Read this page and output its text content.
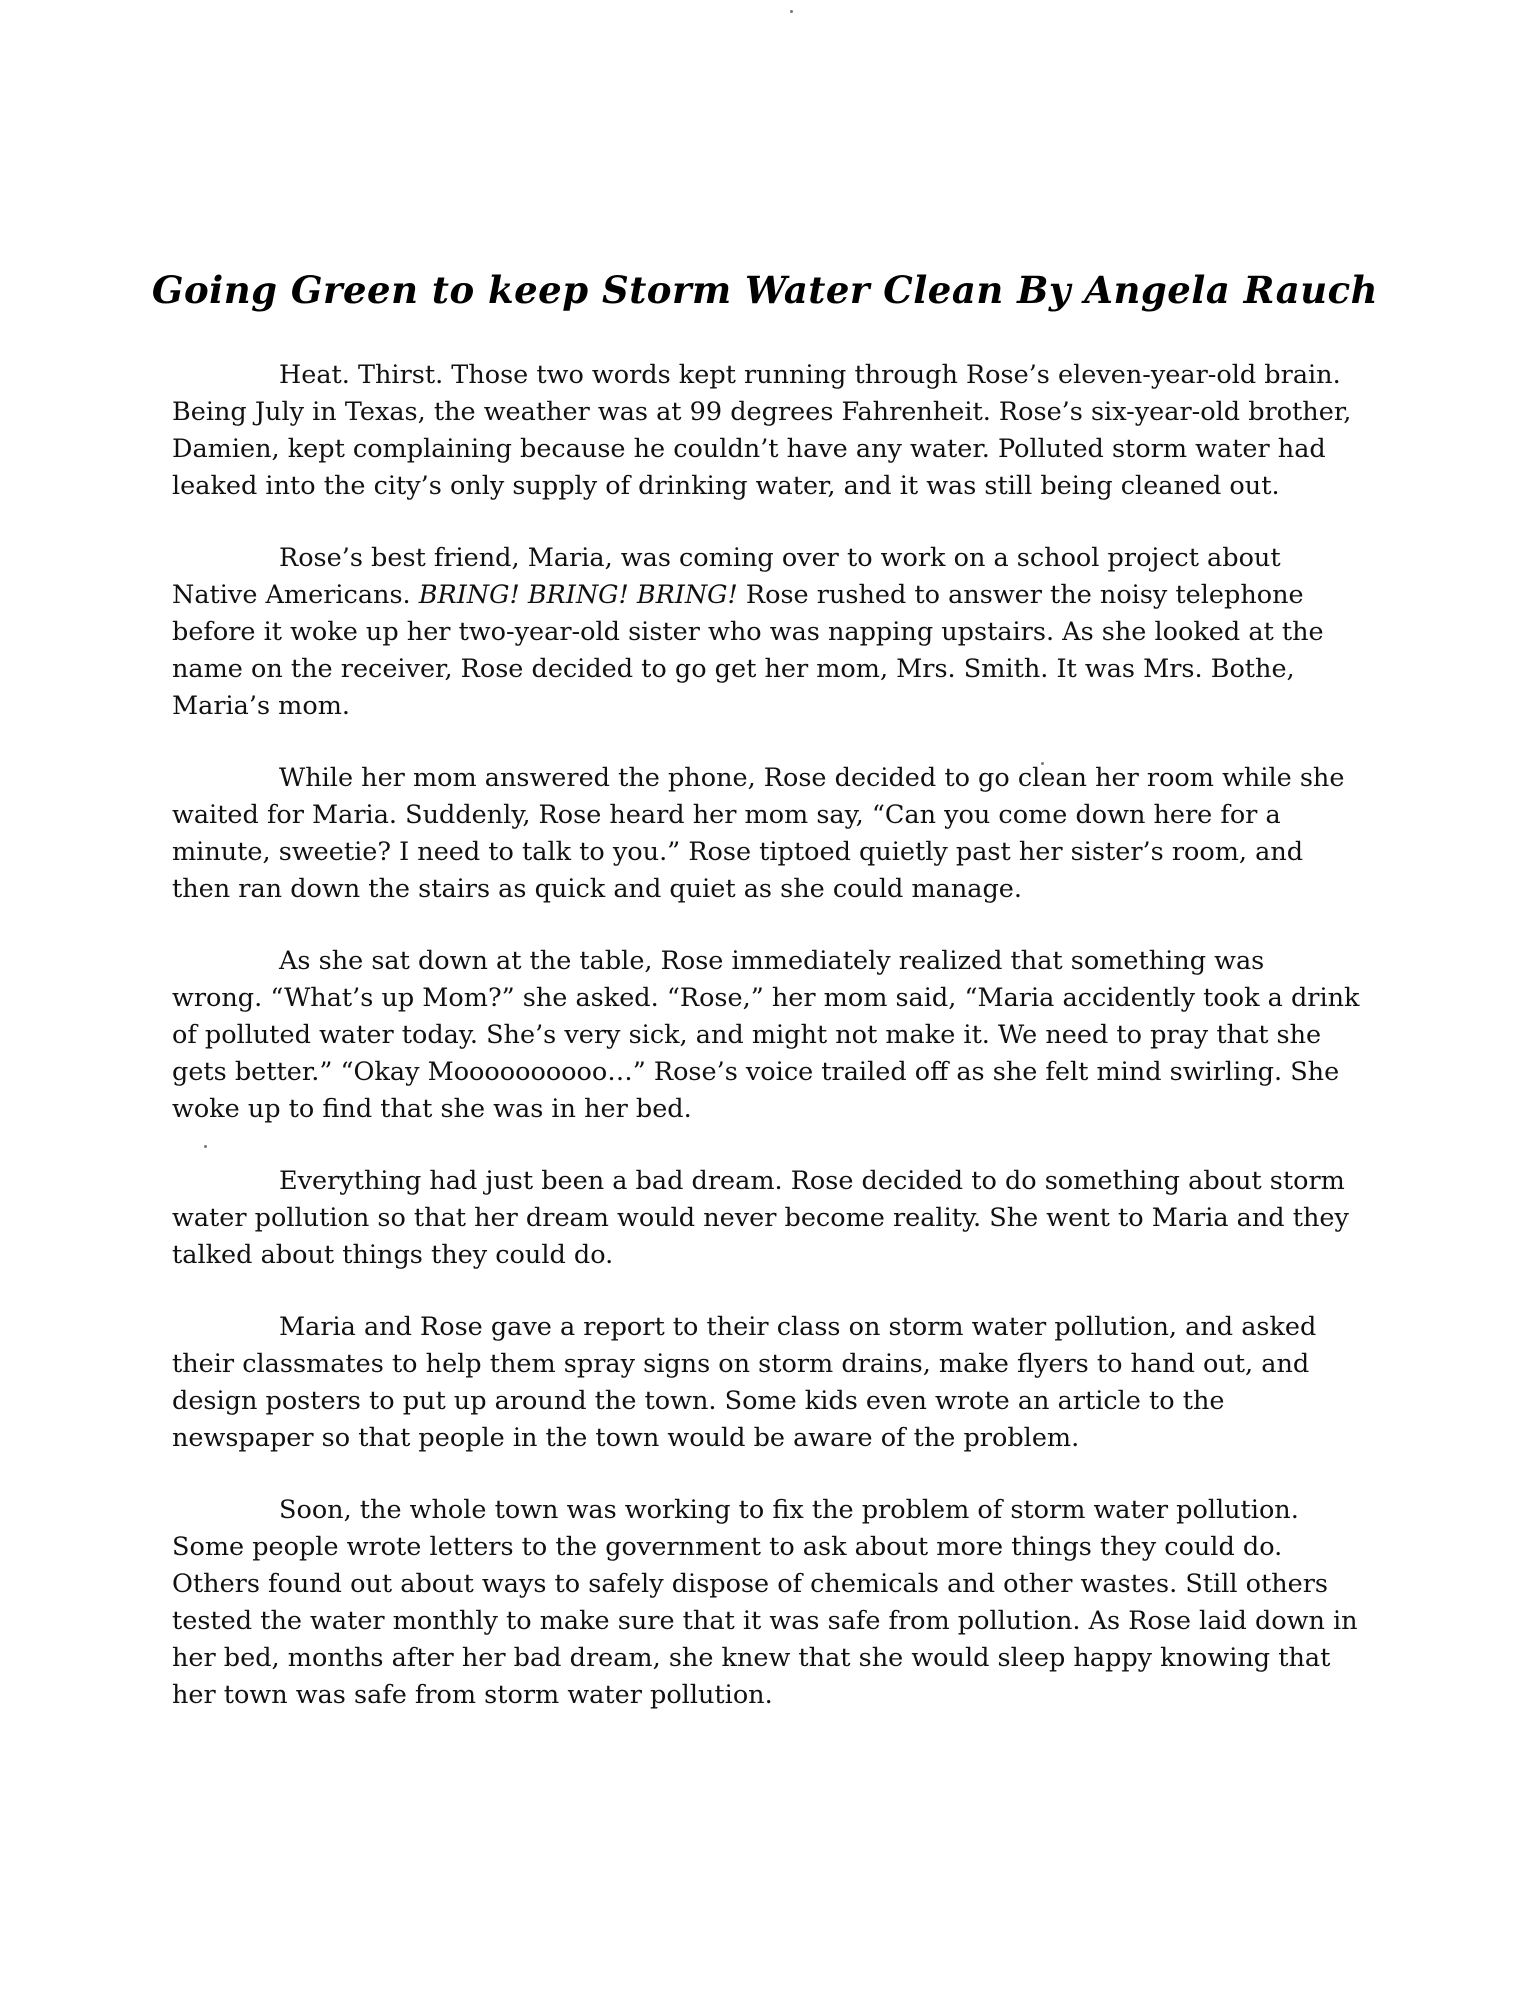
Going Green to keep Storm Water Clean By Angela Rauch

Heat. Thirst. Those two words kept running through Rose’s eleven-year-old brain. Being July in Texas, the weather was at 99 degrees Fahrenheit. Rose’s six-year-old brother, Damien, kept complaining because he couldn’t have any water. Polluted storm water had leaked into the city’s only supply of drinking water, and it was still being cleaned out.

Rose’s best friend, Maria, was coming over to work on a school project about Native Americans. BRING! BRING! BRING! Rose rushed to answer the noisy telephone before it woke up her two-year-old sister who was napping upstairs. As she looked at the name on the receiver, Rose decided to go get her mom, Mrs. Smith. It was Mrs. Bothe, Maria’s mom.

While her mom answered the phone, Rose decided to go clean her room while she waited for Maria. Suddenly, Rose heard her mom say, “Can you come down here for a minute, sweetie? I need to talk to you.” Rose tiptoed quietly past her sister’s room, and then ran down the stairs as quick and quiet as she could manage.

As she sat down at the table, Rose immediately realized that something was wrong. “What’s up Mom?” she asked. “Rose,” her mom said, “Maria accidently took a drink of polluted water today. She’s very sick, and might not make it. We need to pray that she gets better.” “Okay Moooooooooo…” Rose’s voice trailed off as she felt mind swirling. She woke up to find that she was in her bed.

Everything had just been a bad dream. Rose decided to do something about storm water pollution so that her dream would never become reality. She went to Maria and they talked about things they could do.

Maria and Rose gave a report to their class on storm water pollution, and asked their classmates to help them spray signs on storm drains, make flyers to hand out, and design posters to put up around the town. Some kids even wrote an article to the newspaper so that people in the town would be aware of the problem.

Soon, the whole town was working to fix the problem of storm water pollution. Some people wrote letters to the government to ask about more things they could do. Others found out about ways to safely dispose of chemicals and other wastes. Still others tested the water monthly to make sure that it was safe from pollution. As Rose laid down in her bed, months after her bad dream, she knew that she would sleep happy knowing that her town was safe from storm water pollution.
